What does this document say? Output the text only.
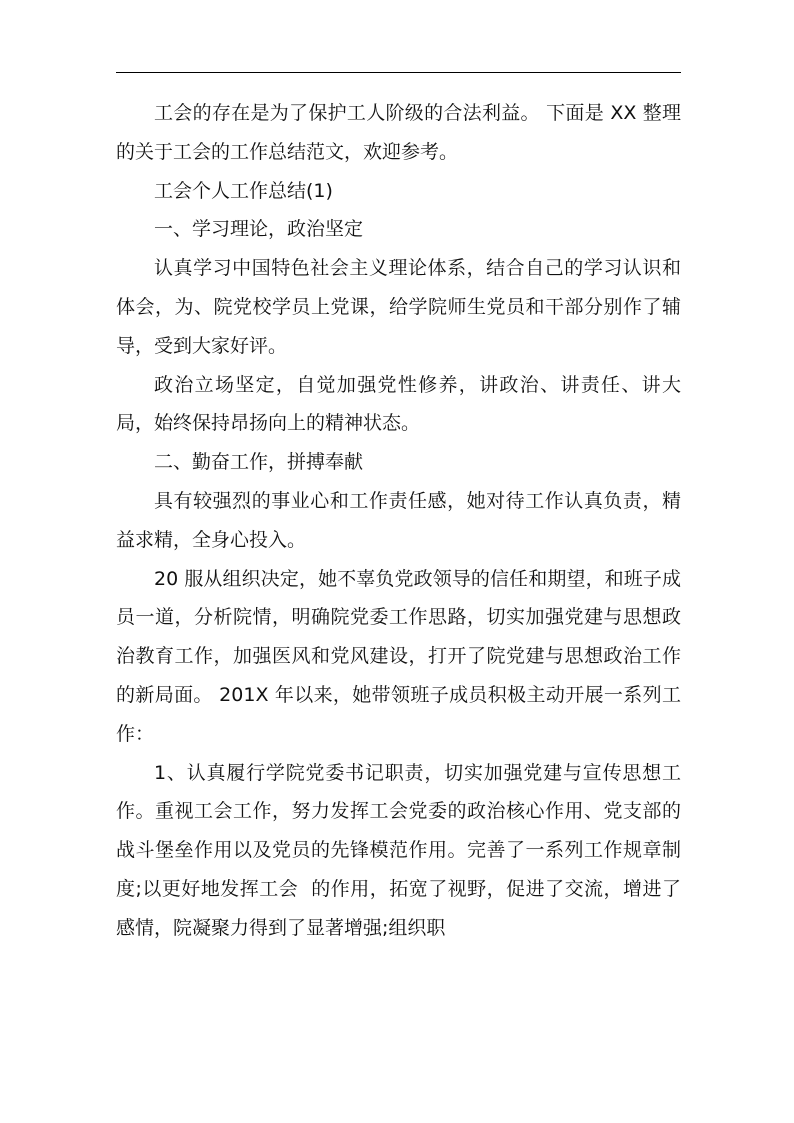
工会的存在是为了保护工人阶级的合法利益。 下面是 XX 整理的关于工会的工作总结范文，欢迎参考。

工会个人工作总结(1)

一、学习理论，政治坚定

认真学习中国特色社会主义理论体系，结合自己的学习认识和体会，为、院党校学员上党课，给学院师生党员和干部分别作了辅导，受到大家好评。

政治立场坚定，自觉加强党性修养，讲政治、讲责任、讲大局，始终保持昂扬向上的精神状态。

二、勤奋工作，拼搏奉献

具有较强烈的事业心和工作责任感，她对待工作认真负责，精益求精，全身心投入。

20 服从组织决定，她不辜负党政领导的信任和期望，和班子成员一道，分析院情，明确院党委工作思路，切实加强党建与思想政治教育工作，加强医风和党风建设，打开了院党建与思想政治工作的新局面。 201X 年以来，她带领班子成员积极主动开展一系列工作：

1、认真履行学院党委书记职责，切实加强党建与宣传思想工作。重视工会工作，努力发挥工会党委的政治核心作用、党支部的战斗堡垒作用以及党员的先锋模范作用。完善了一系列工作规章制度;以更好地发挥工会  的作用，拓宽了视野，促进了交流，增进了感情，院凝聚力得到了显著增强;组织职
